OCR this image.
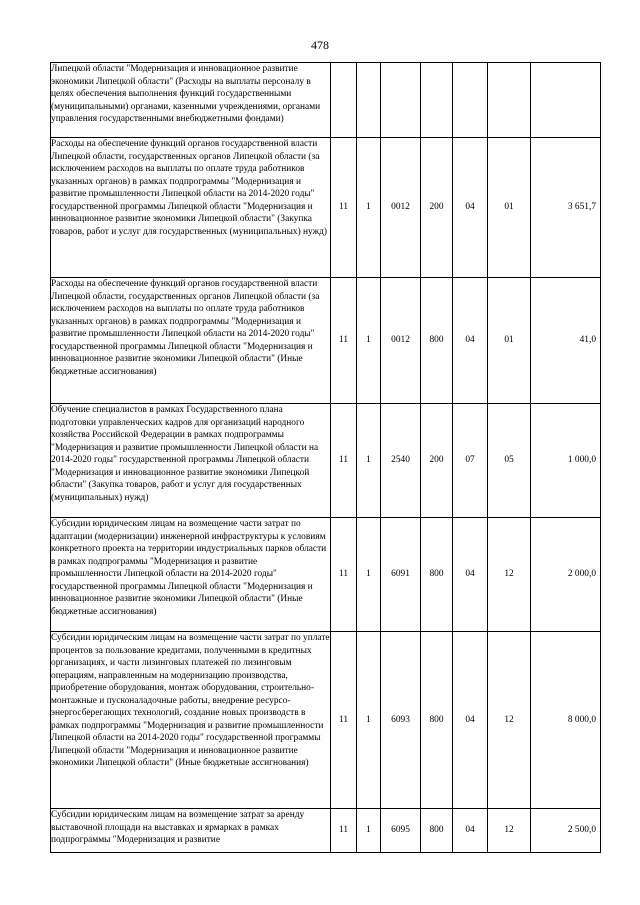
478
Липецкой области "Модернизация и инновационное развитие экономики Липецкой области" (Расходы на выплаты персоналу в целях обеспечения выполнения функций государственными (муниципальными) органами, казенными учреждениями, органами управления государственными внебюджетными фондами)							
Расходы на обеспечение функций органов государственной власти Липецкой области, государственных органов Липецкой области (за исключением расходов на выплаты по оплате труда работников указанных органов) в рамках подпрограммы "Модернизация и развитие промышленности Липецкой области на 2014-2020 годы" государственной программы Липецкой области "Модернизация и инновационное развитие экономики Липецкой области" (Закупка товаров, работ и услуг для государственных (муниципальных) нужд)	11	1	0012	200	04	01	3 651,7
Расходы на обеспечение функций органов государственной власти Липецкой области, государственных органов Липецкой области (за исключением расходов на выплаты по оплате труда работников указанных органов) в рамках подпрограммы "Модернизация и развитие промышленности Липецкой области на 2014-2020 годы" государственной программы Липецкой области "Модернизация и инновационное развитие экономики Липецкой области" (Иные бюджетные ассигнования)	11	1	0012	800	04	01	41,0
Обучение специалистов в рамках Государственного плана подготовки управленческих кадров для организаций народного хозяйства Российской Федерации в рамках подпрограммы "Модернизация и развитие промышленности Липецкой области на 2014-2020 годы" государственной программы Липецкой области "Модернизация и инновационное развитие экономики Липецкой области" (Закупка товаров, работ и услуг для государственных (муниципальных) нужд)	11	1	2540	200	07	05	1 000,0
Субсидии юридическим лицам на возмещение части затрат по адаптации (модернизации) инженерной инфраструктуры к условиям конкретного проекта на территории индустриальных парков области в рамках подпрограммы "Модернизация и развитие промышленности Липецкой области на 2014-2020 годы" государственной программы Липецкой области "Модернизация и инновационное развитие экономики Липецкой области" (Иные бюджетные ассигнования)	11	1	6091	800	04	12	2 000,0
Субсидии юридическим лицам на возмещение части затрат по уплате процентов за пользование кредитами, полученными в кредитных организациях, и части лизинговых платежей по лизинговым операциям, направленным на модернизацию производства, приобретение оборудования, монтаж оборудования, строительно-монтажные и пусконаладочные работы, внедрение ресурсо-энергосберегающих технологий, создание новых производств в рамках подпрограммы "Модернизация и развитие промышленности Липецкой области на 2014-2020 годы" государственной программы Липецкой области "Модернизация и инновационное развитие экономики Липецкой области" (Иные бюджетные ассигнования)	11	1	6093	800	04	12	8 000,0
Субсидии юридическим лицам на возмещение затрат за аренду выставочной площади на выставках и ярмарках в рамках подпрограммы "Модернизация и развитие	11	1	6095	800	04	12	2 500,0
